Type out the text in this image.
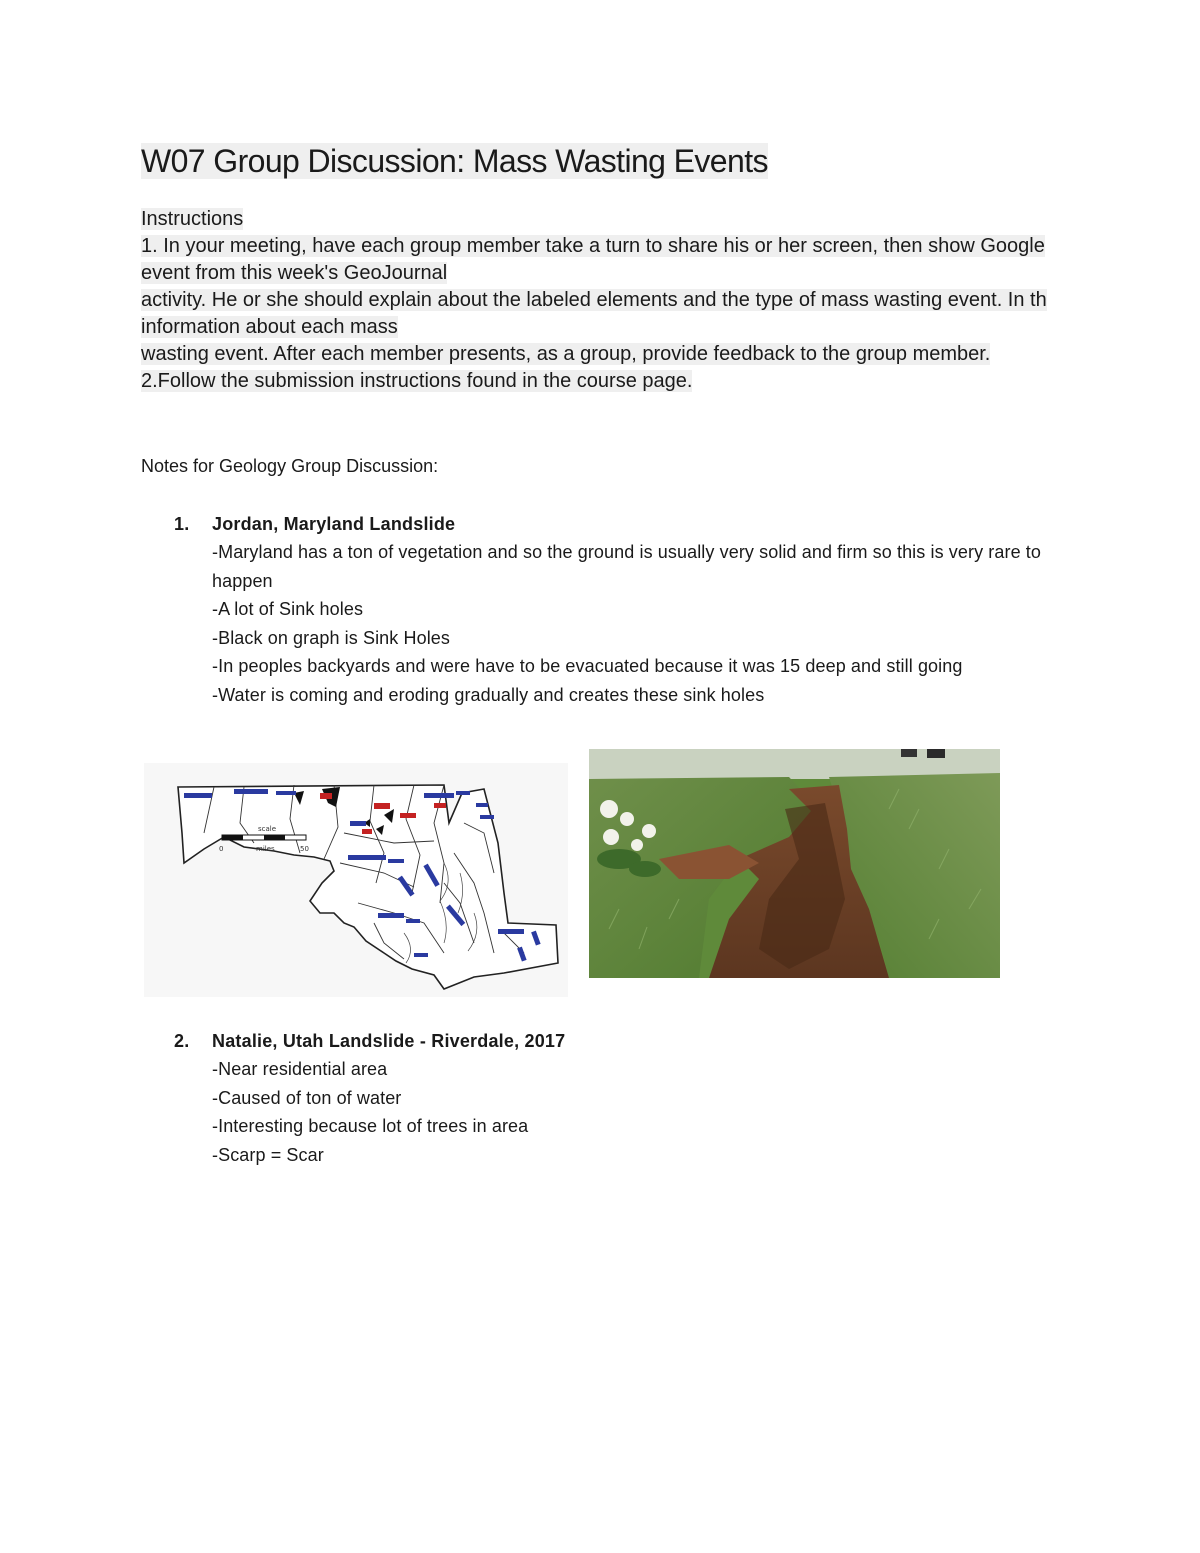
W07 Group Discussion: Mass Wasting Events
Instructions
1. In your meeting, have each group member take a turn to share his or her screen, then show Google
event from this week's GeoJournal
activity. He or she should explain about the labeled elements and the type of mass wasting event. In th
information about each mass
wasting event. After each member presents, as a group, provide feedback to the group member.
2.Follow the submission instructions found in the course page.
Notes for Geology Group Discussion:
1. Jordan, Maryland Landslide
-Maryland has a ton of vegetation and so the ground is usually very solid and firm so this is very rare to happen
-A lot of Sink holes
-Black on graph is Sink Holes
-In peoples backyards and were have to be evacuated because it was 15 deep and still going
-Water is coming and eroding gradually and creates these sink holes
scale
0	miles	50
2. Natalie, Utah Landslide - Riverdale, 2017
-Near residential area
-Caused of ton of water
-Interesting because lot of trees in area
-Scarp = Scar
